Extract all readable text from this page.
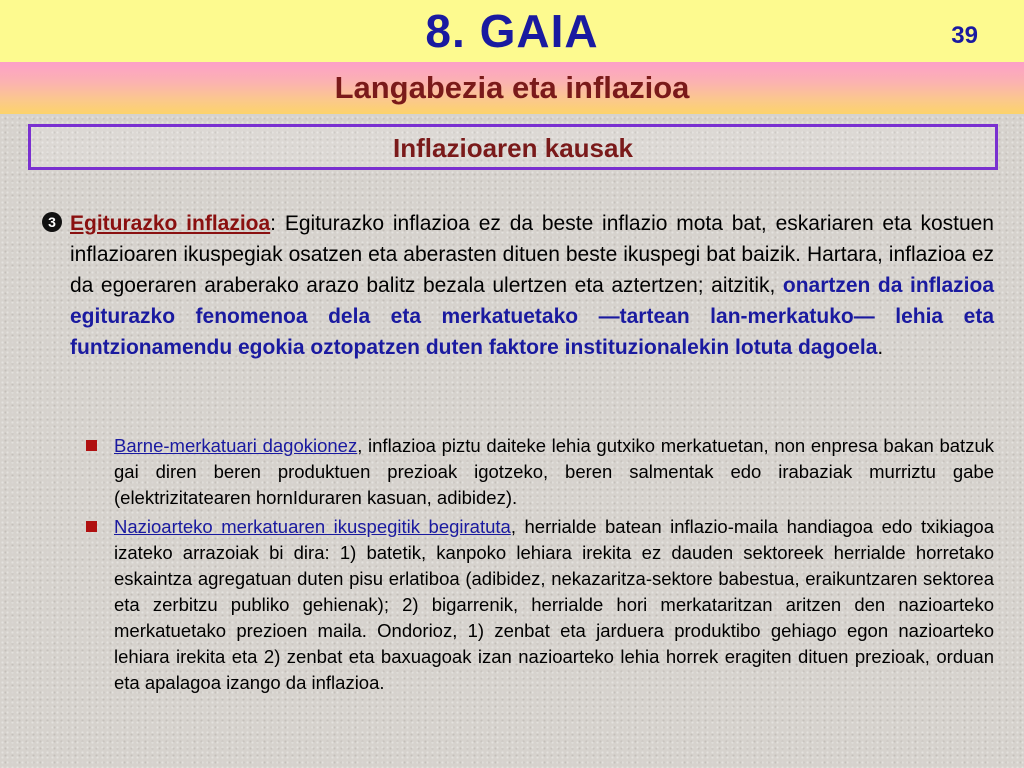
8. GAIA	39
Langabezia eta inflazioa
Inflazioaren kausak
3 Egiturazko inflazioa: Egiturazko inflazioa ez da beste inflazio mota bat, eskariaren eta kostuen inflazioaren ikuspegiak osatzen eta aberasten dituen beste ikuspegi bat baizik. Hartara, inflazioa ez da egoeraren araberako arazo balitz bezala ulertzen eta aztertzen; aitzitik, onartzen da inflazioa egiturazko fenomenoa dela eta merkatuetako —tartean lan-merkatuko— lehia eta funtzionamendu egokia oztopatzen duten faktore instituzionalekin lotuta dagoela.
Barne-merkatuari dagokionez, inflazioa piztu daiteke lehia gutxiko merkatuetan, non enpresa bakan batzuk gai diren beren produktuen prezioak igotzeko, beren salmentak edo irabaziak murriztu gabe (elektrizitatearen hornIduraren kasuan, adibidez).
Nazioarteko merkatuaren ikuspegitik begiratuta, herrialde batean inflazio-maila handiagoa edo txikiagoa izateko arrazoiak bi dira: 1) batetik, kanpoko lehiara irekita ez dauden sektoreek herrialde horretako eskaintza agregatuan duten pisu erlatiboa (adibidez, nekazaritza-sektore babestua, eraikuntzaren sektorea eta zerbitzu publiko gehienak); 2) bigarrenik, herrialde hori merkataritzan aritzen den nazioarteko merkatuetako prezioen maila. Ondorioz, 1) zenbat eta jarduera produktibo gehiago egon nazioarteko lehiara irekita eta 2) zenbat eta baxuagoak izan nazioarteko lehia horrek eragiten dituen prezioak, orduan eta apalagoa izango da inflazioa.
